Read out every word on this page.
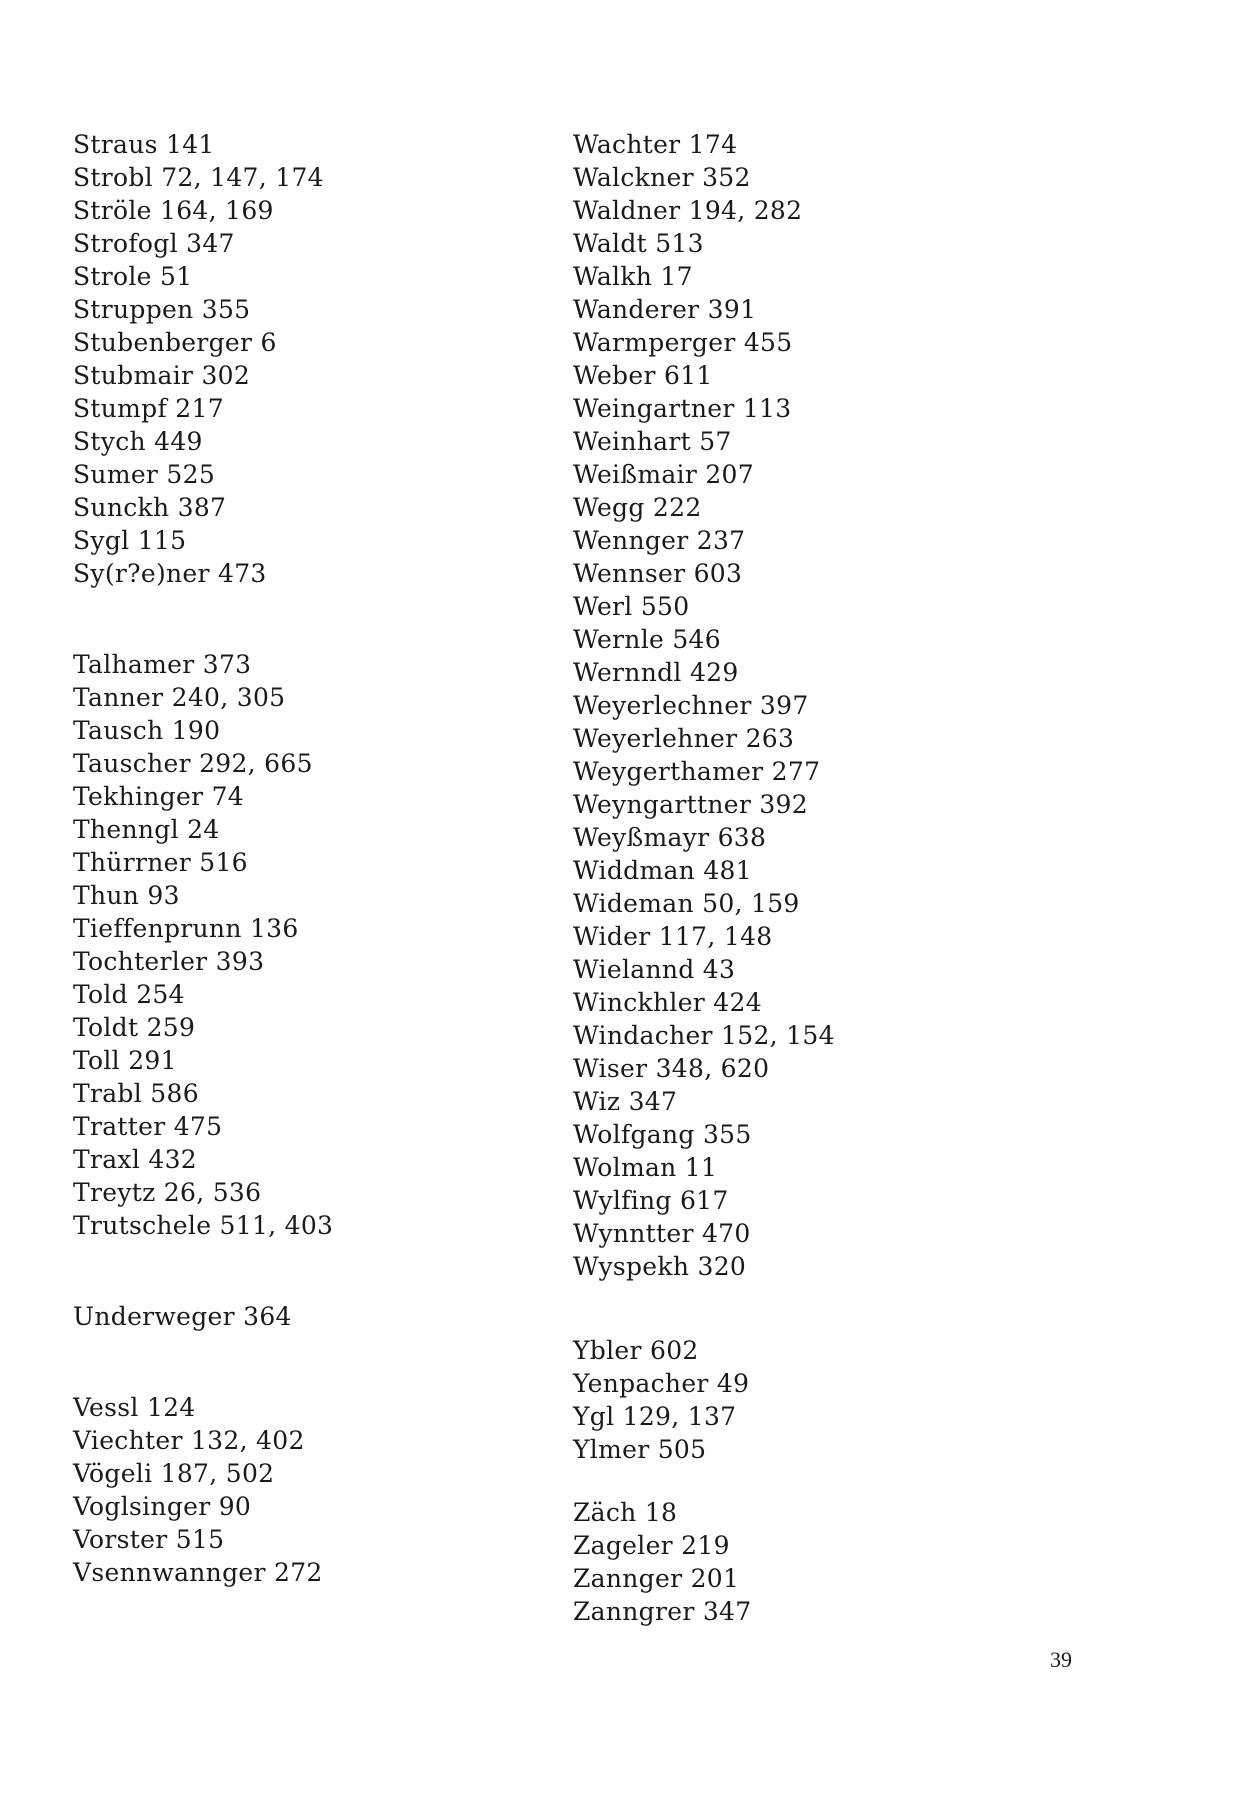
Straus 141
Strobl 72, 147, 174
Ströle 164, 169
Strofogl 347
Strole 51
Struppen 355
Stubenberger 6
Stubmair 302
Stumpf 217
Stych 449
Sumer 525
Sunckh 387
Sygl 115
Sy(r?e)ner 473
Talhamer 373
Tanner 240, 305
Tausch 190
Tauscher 292, 665
Tekhinger 74
Thenngl 24
Thürrner 516
Thun 93
Tieffenprunn 136
Tochterler 393
Told 254
Toldt 259
Toll 291
Trabl 586
Tratter 475
Traxl 432
Treytz 26, 536
Trutschele 511, 403
Underweger 364
Vessl 124
Viechter 132, 402
Vögeli 187, 502
Voglsinger 90
Vorster 515
Vsennwannger 272
Wachter 174
Walckner 352
Waldner 194, 282
Waldt 513
Walkh 17
Wanderer 391
Warmperger 455
Weber 611
Weingartner 113
Weinhart 57
Weißmair 207
Wegg 222
Wennger 237
Wennser 603
Werl 550
Wernle 546
Wernndl 429
Weyerlechner 397
Weyerlehner 263
Weygerthamer 277
Weyngarttner 392
Weyßmayr 638
Widdman 481
Wideman 50, 159
Wider 117, 148
Wielannd 43
Winckhler 424
Windacher 152, 154
Wiser 348, 620
Wiz 347
Wolfgang 355
Wolman 11
Wylfing 617
Wynntter 470
Wyspekh 320
Ybler 602
Yenpacher 49
Ygl 129, 137
Ylmer 505
Zäch 18
Zageler 219
Zannger 201
Zanngrer 347
39
